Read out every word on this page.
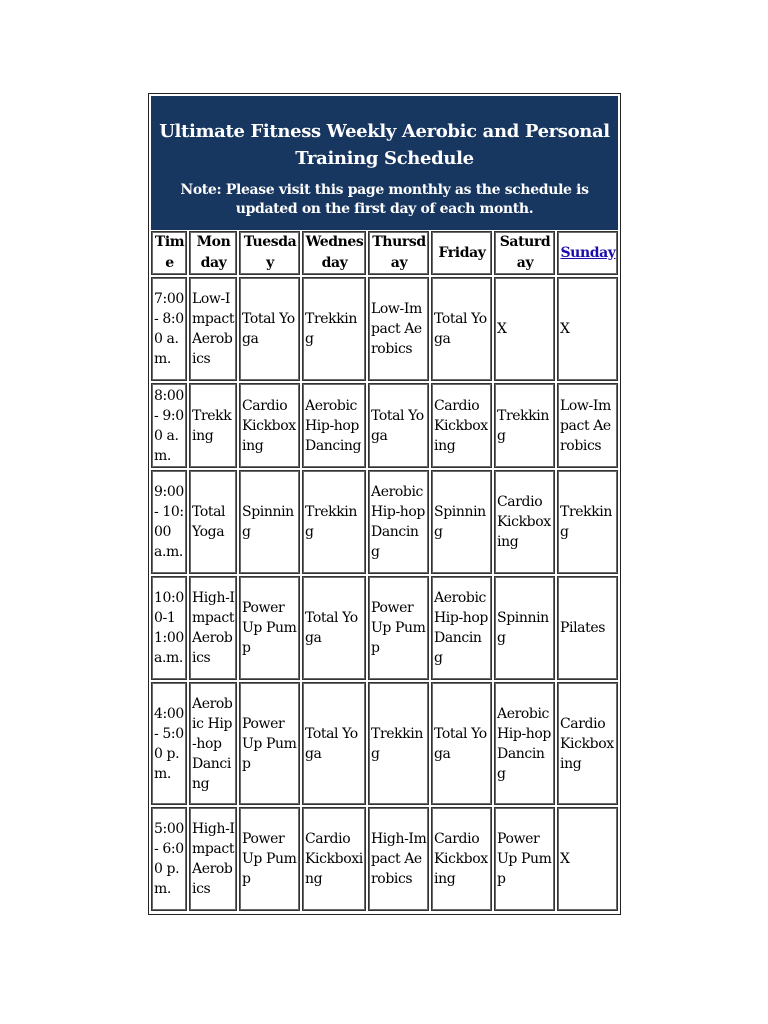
Ultimate Fitness Weekly Aerobic and Personal Training Schedule
Note: Please visit this page monthly as the schedule is updated on the first day of each month.
Time	Monday	Tuesday	Wednesday	Thursday	Friday	Saturday	Sunday
7:00 - 8:00 a.m.	Low-Impact Aerobics	Total Yoga	Trekking	Low-Impact Aerobics	Total Yoga	X	X
8:00 - 9:00 a.m.	Trekking	Cardio Kickboxing	Aerobic Hip-hop Dancing	Total Yoga	Cardio Kickboxing	Trekking	Low-Impact Aerobics
9:00 - 10:00 a.m.	Total Yoga	Spinning	Trekking	Aerobic Hip-hop Dancing	Spinning	Cardio Kickboxing	Trekking
10:00-11:00 a.m.	High-Impact Aerobics	Power Up Pump	Total Yoga	Power Up Pump	Aerobic Hip-hop Dancing	Spinning	Pilates
4:00 - 5:00 p.m.	Aerobic Hip-hop Dancing	Power Up Pump	Total Yoga	Trekking	Total Yoga	Aerobic Hip-hop Dancing	Cardio Kickboxing
5:00 - 6:00 p.m.	High-Impact Aerobics	Power Up Pump	Cardio Kickboxing	High-Impact Aerobics	Cardio Kickboxing	Power Up Pump	X
